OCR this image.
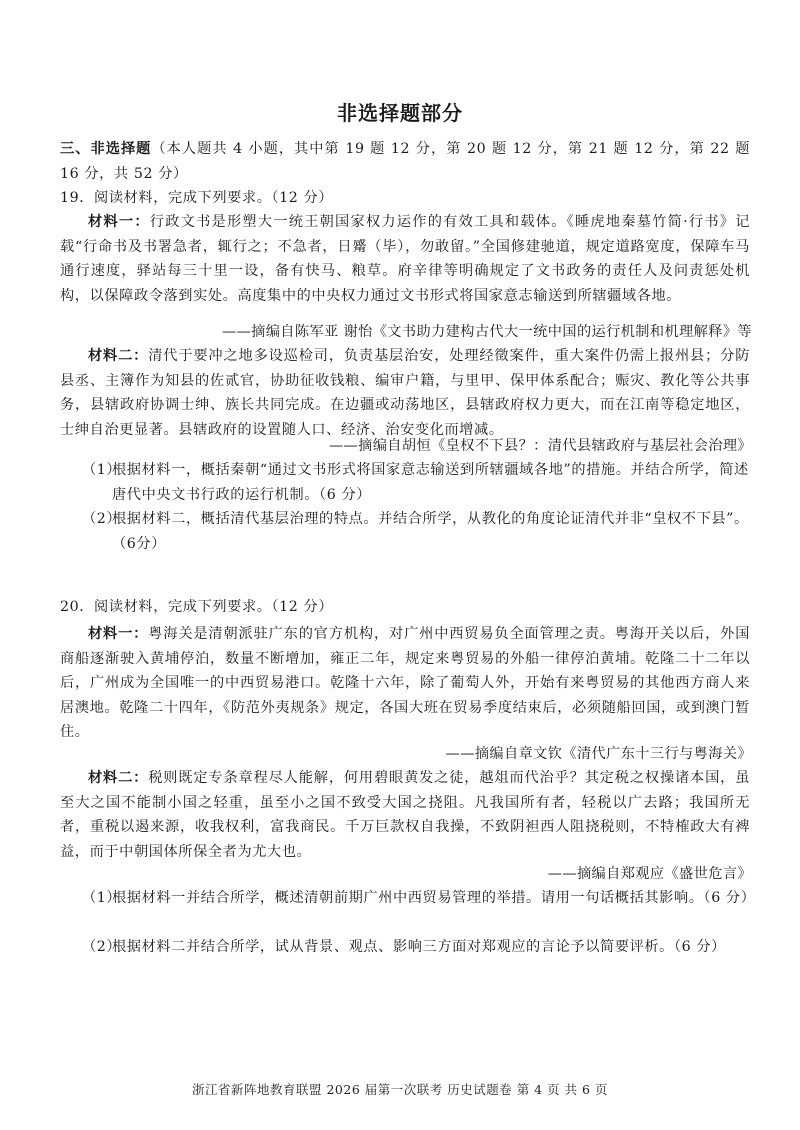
非选择题部分

三、非选择题（本人题共 4 小题，其中第 19 题 12 分，第 20 题 12 分，第 21 题 12 分，第 22 题 16 分，共 52 分）

19．阅读材料，完成下列要求。（12 分）

材料一：行政文书是形塑大一统王朝国家权力运作的有效工具和载体。《睡虎地秦墓竹简·行书》记载“行命书及书署急者，辄行之；不急者，日觱（毕），勿敢留。”全国修建驰道，规定道路宽度，保障车马通行速度，驿站每三十里一设，备有快马、粮草。府辛律等明确规定了文书政务的责任人及问责惩处机构，以保障政令落到实处。高度集中的中央权力通过文书形式将国家意志输送到所辖疆域各地。

——摘编自陈军亚 谢怡《文书助力建构古代大一统中国的运行机制和机理解释》等

材料二：清代于要冲之地多设巡检司，负责基层治安，处理经徵案件，重大案件仍需上报州县；分防县丞、主簿作为知县的佐贰官，协助征收钱粮、编审户籍，与里甲、保甲体系配合；赈灾、教化等公共事务，县辖政府协调士绅、族长共同完成。在边疆或动荡地区，县辖政府权力更大，而在江南等稳定地区，士绅自治更显著。县辖政府的设置随人口、经济、治安变化而增减。

——摘编自胡恒《皇权不下县？：清代县辖政府与基层社会治理》
（1）
根据材料一，概括秦朝“通过文书形式将国家意志输送到所辖疆域各地”的措施。并结合所学，简述唐代中央文书行政的运行机制。（6 分）
（2）
根据材料二，概括清代基层治理的特点。并结合所学，从教化的角度论证清代并非“皇权不下县”。（6分）
20．阅读材料，完成下列要求。（12 分）

材料一：粤海关是清朝派驻广东的官方机构，对广州中西贸易负全面管理之责。粤海开关以后，外国商船逐渐驶入黄埔停泊，数量不断增加，雍正二年，规定来粤贸易的外船一律停泊黄埔。乾隆二十二年以后，广州成为全国唯一的中西贸易港口。乾隆十六年，除了葡萄人外，开始有来粤贸易的其他西方商人来居澳地。乾隆二十四年，《防范外夷规条》规定，各国大班在贸易季度结束后，必须随船回国，或到澳门暂住。

——摘编自章文钦《清代广东十三行与粤海关》

材料二：税则既定专条章程尽人能解，何用碧眼黄发之徒，越俎而代治乎？其定税之权操诸本国，虽至大之国不能制小国之轻重，虽至小之国不致受大国之挠阻。凡我国所有者，轻税以广去路；我国所无者，重税以遏来源，收我权利，富我商民。千万巨款权自我操，不致阴袒西人阻挠税则，不特榷政大有裨益，而于中朝国体所保全者为尤大也。

——摘编自郑观应《盛世危言》
（1）
根据材料一并结合所学，概述清朝前期广州中西贸易管理的举措。请用一句话概括其影响。（6 分）
（2）
根据材料二并结合所学，试从背景、观点、影响三方面对郑观应的言论予以简要评析。（6 分）
浙江省新阵地教育联盟 2026 届第一次联考 历史试题卷 第 4 页 共 6 页
